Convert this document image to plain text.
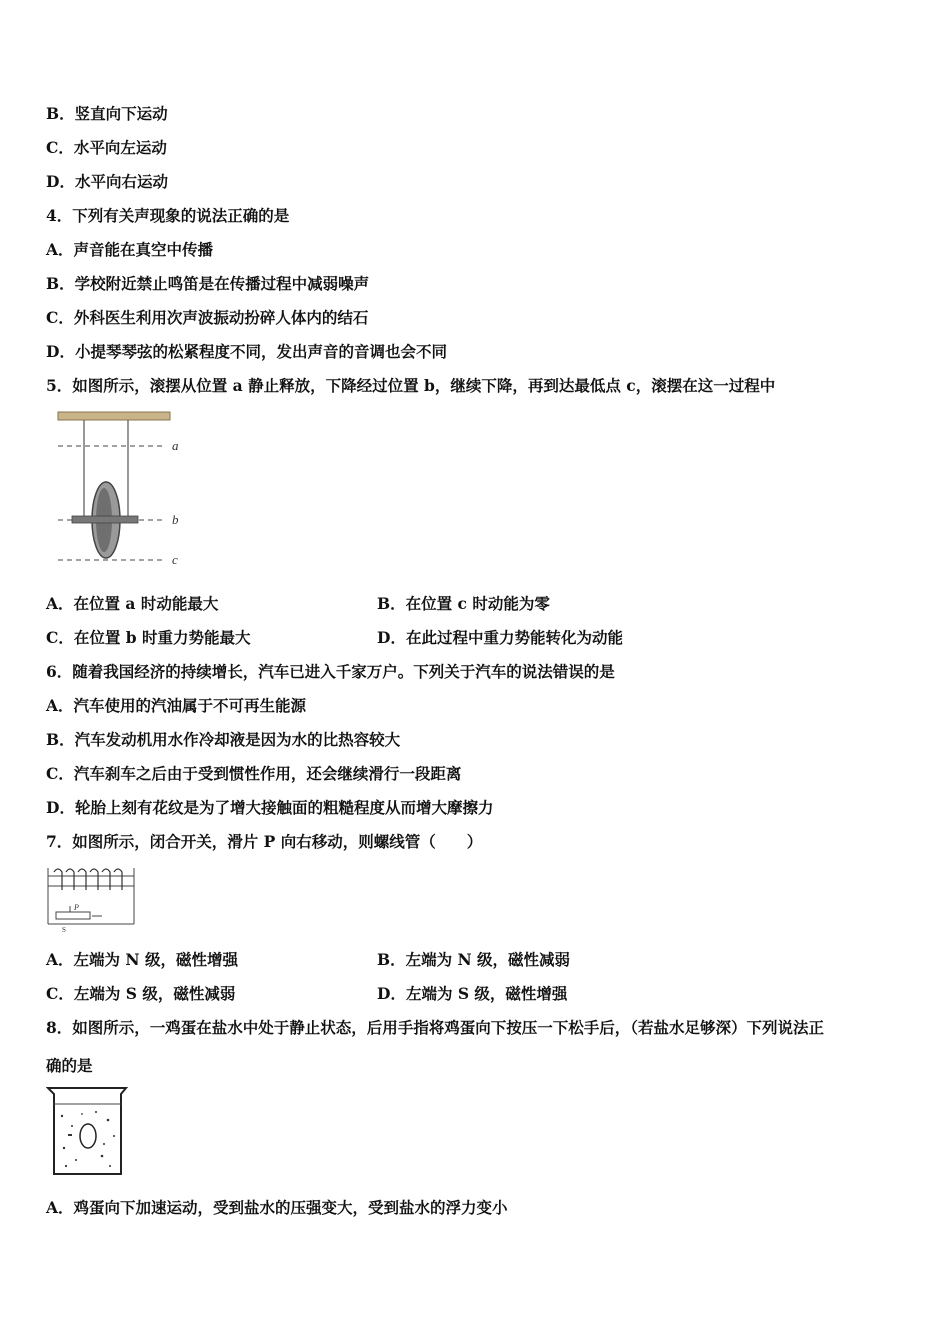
B．竖直向下运动
C．水平向左运动
D．水平向右运动
4．下列有关声现象的说法正确的是
A．声音能在真空中传播
B．学校附近禁止鸣笛是在传播过程中减弱噪声
C．外科医生利用次声波振动扮碎人体内的结石
D．小提琴琴弦的松紧程度不同，发出声音的音调也会不同
5．如图所示，滚摆从位置 a 静止释放，下降经过位置 b，继续下降，再到达最低点 c，滚摆在这一过程中
a
b
c
A．在位置 a 时动能最大	B．在位置 c 时动能为零
C．在位置 b 时重力势能最大	D．在此过程中重力势能转化为动能
6．随着我国经济的持续增长，汽车已进入千家万户。下列关于汽车的说法错误的是
A．汽车使用的汽油属于不可再生能源
B．汽车发动机用水作冷却液是因为水的比热容较大
C．汽车刹车之后由于受到惯性作用，还会继续滑行一段距离
D．轮胎上刻有花纹是为了增大接触面的粗糙程度从而增大摩擦力
7．如图所示，闭合开关，滑片 P 向右移动，则螺线管（　　）
P
S
A．左端为 N 级，磁性增强	B．左端为 N 级，磁性减弱
C．左端为 S 级，磁性减弱	D．左端为 S 级，磁性增强
8．如图所示，一鸡蛋在盐水中处于静止状态，后用手指将鸡蛋向下按压一下松手后，（若盐水足够深）下列说法正
确的是
A．鸡蛋向下加速运动，受到盐水的压强变大，受到盐水的浮力变小
